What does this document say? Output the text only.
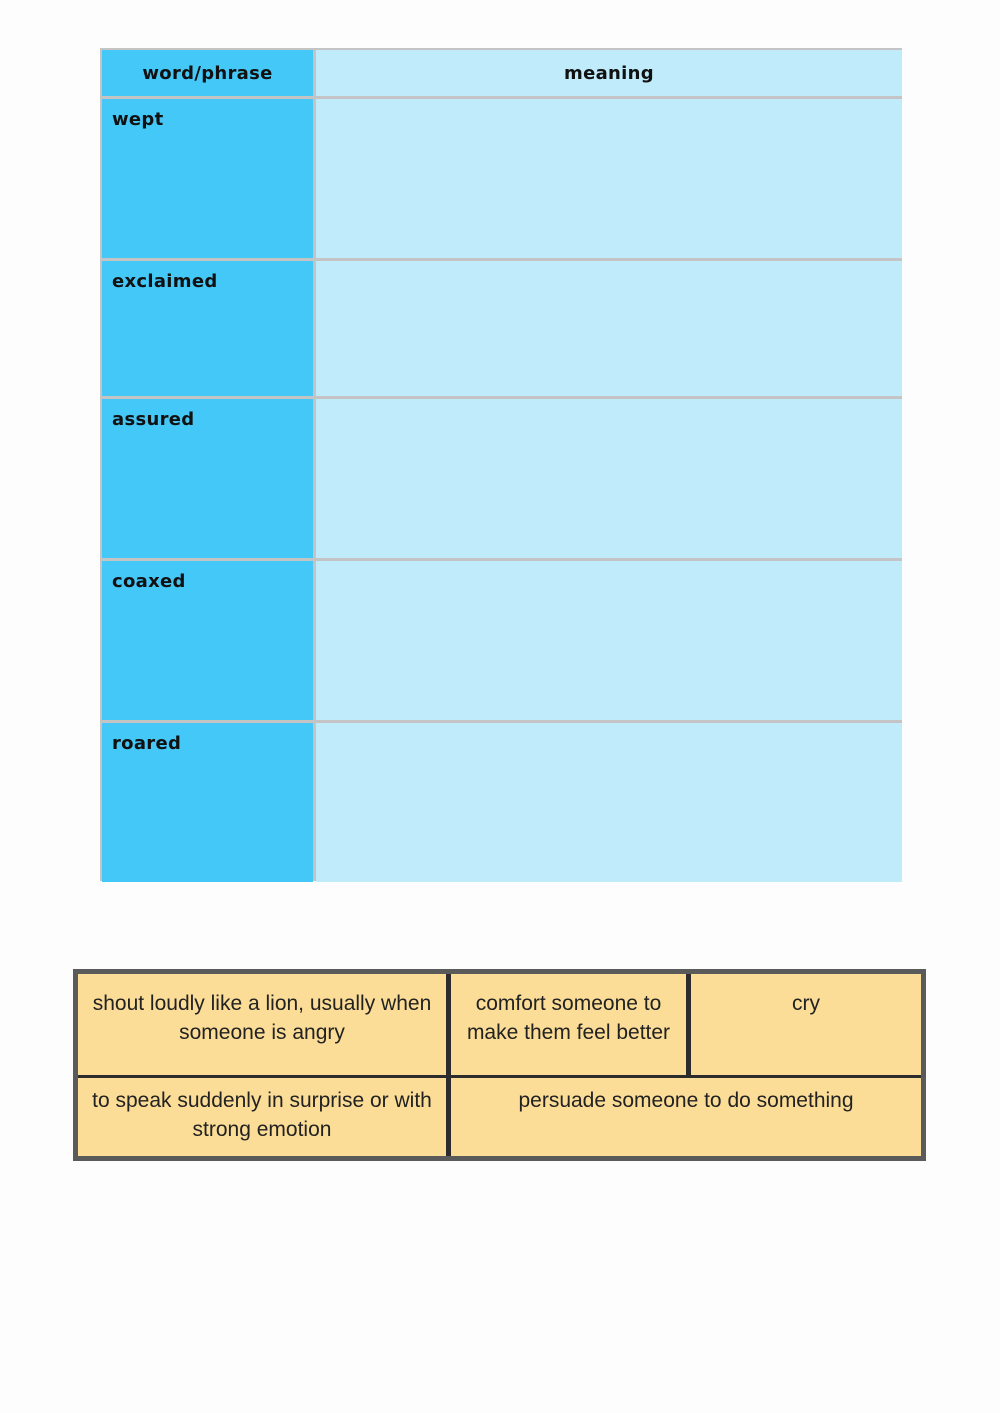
word/phrase	meaning
wept
exclaimed
assured
coaxed
roared
shout loudly like a lion, usually when someone is angry
comfort someone to make them feel better
cry
to speak suddenly in surprise or with strong emotion
persuade someone to do something
